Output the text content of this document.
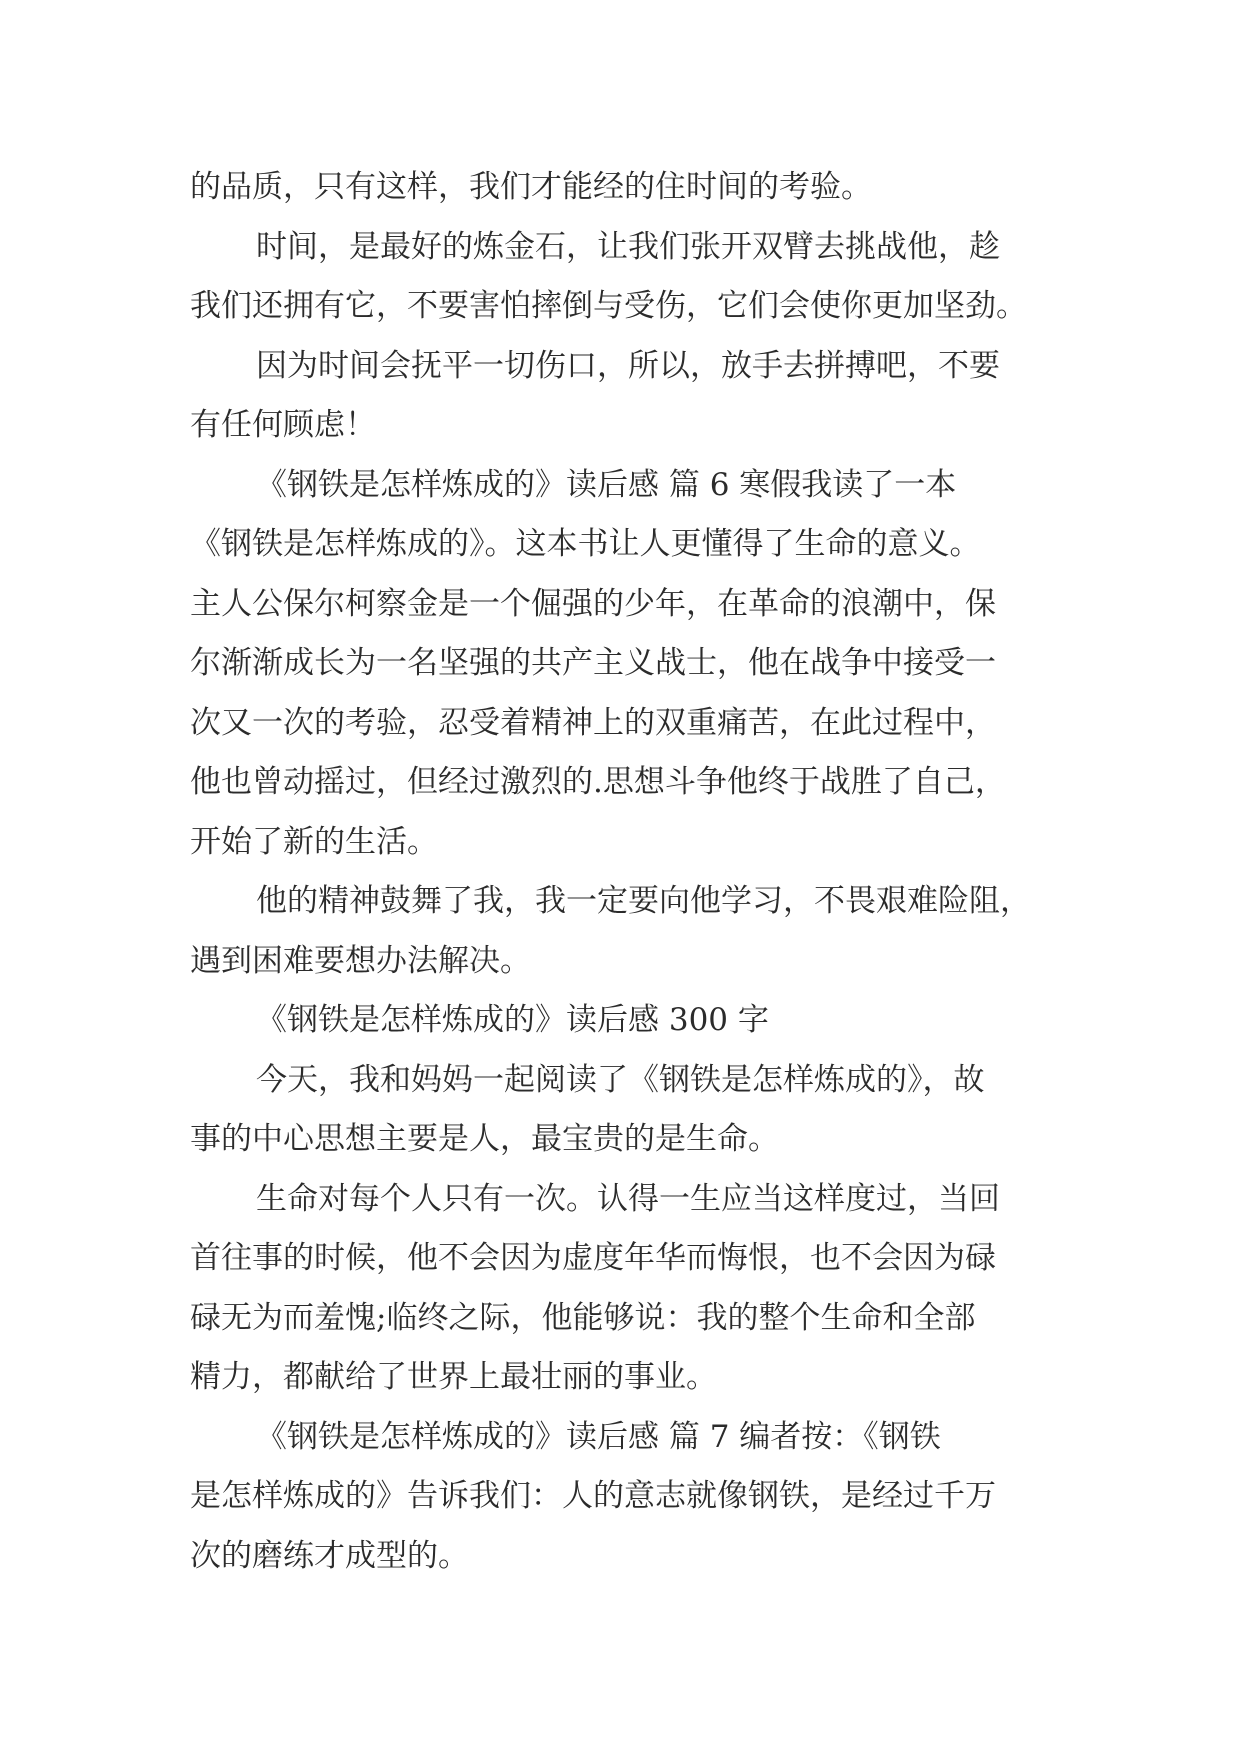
的品质，只有这样，我们才能经的住时间的考验。
时间，是最好的炼金石，让我们张开双臂去挑战他，趁
我们还拥有它，不要害怕摔倒与受伤，它们会使你更加坚劲。
因为时间会抚平一切伤口，所以，放手去拼搏吧，不要
有任何顾虑！
《钢铁是怎样炼成的》读后感 篇 6 寒假我读了一本
《钢铁是怎样炼成的》。这本书让人更懂得了生命的意义。
主人公保尔柯察金是一个倔强的少年，在革命的浪潮中，保
尔渐渐成长为一名坚强的共产主义战士，他在战争中接受一
次又一次的考验，忍受着精神上的双重痛苦，在此过程中，
他也曾动摇过，但经过激烈的.思想斗争他终于战胜了自己，
开始了新的生活。
他的精神鼓舞了我，我一定要向他学习，不畏艰难险阻，
遇到困难要想办法解决。
《钢铁是怎样炼成的》读后感 300 字
今天，我和妈妈一起阅读了《钢铁是怎样炼成的》，故
事的中心思想主要是人，最宝贵的是生命。
生命对每个人只有一次。认得一生应当这样度过，当回
首往事的时候，他不会因为虚度年华而悔恨，也不会因为碌
碌无为而羞愧;临终之际，他能够说：我的整个生命和全部
精力，都献给了世界上最壮丽的事业。
《钢铁是怎样炼成的》读后感 篇 7 编者按：《钢铁
是怎样炼成的》告诉我们：人的意志就像钢铁，是经过千万
次的磨练才成型的。
